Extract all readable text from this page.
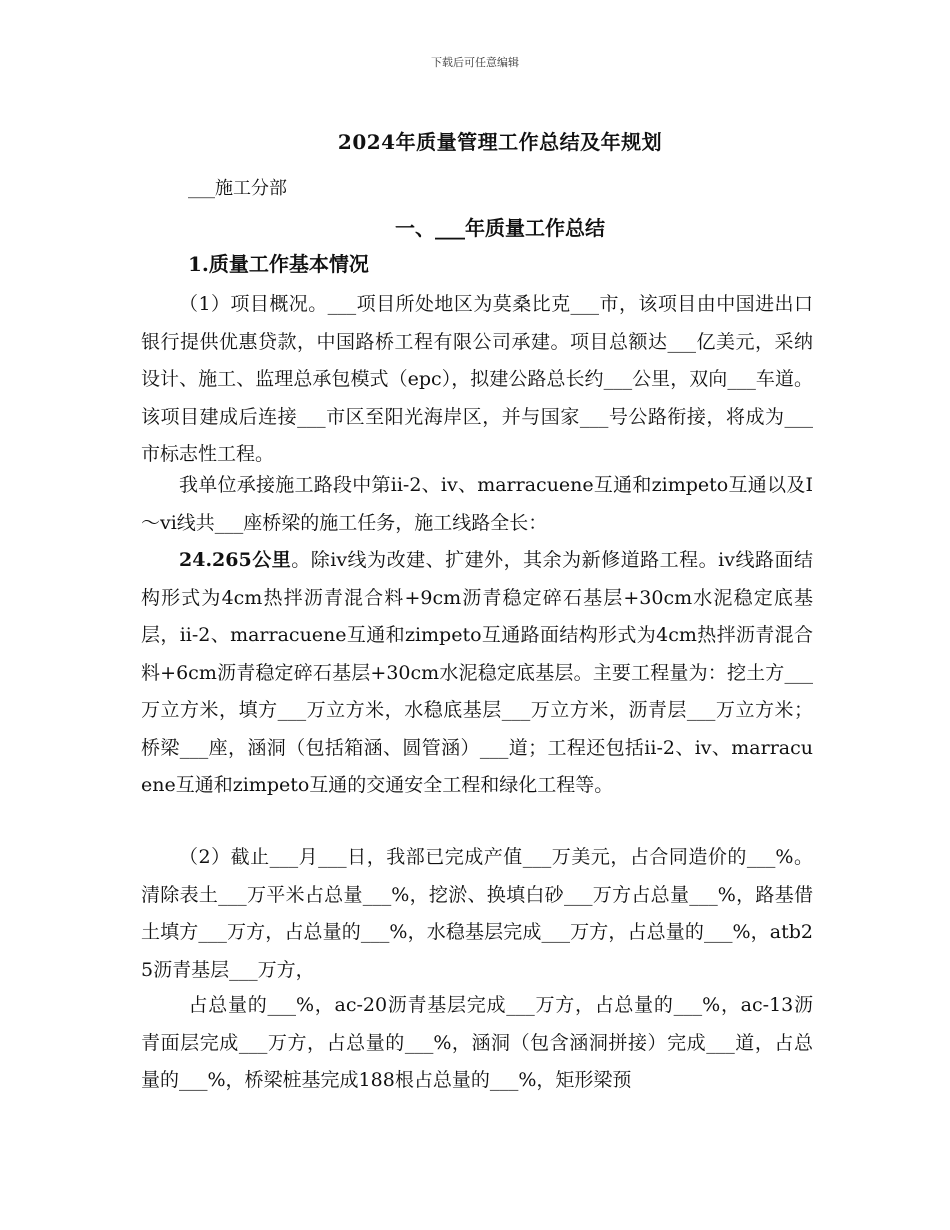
下载后可任意编辑
2024年质量管理工作总结及年规划
___施工分部
一、___年质量工作总结
1.质量工作基本情况

（1）项目概况。___项目所处地区为莫桑比克___市，该项目由中国进出口银行提供优惠贷款，中国路桥工程有限公司承建。项目总额达___亿美元，采纳设计、施工、监理总承包模式（epc），拟建公路总长约___公里，双向___车道。该项目建成后连接___市区至阳光海岸区，并与国家___号公路衔接，将成为___市标志性工程。

我单位承接施工路段中第ii-2、iv、marracuene互通和zimpeto互通以及Ⅰ～vi线共___座桥梁的施工任务，施工线路全长：

24.265公里。除iv线为改建、扩建外，其余为新修道路工程。iv线路面结构形式为4cm热拌沥青混合料+9cm沥青稳定碎石基层+30cm水泥稳定底基层，ii-2、marracuene互通和zimpeto互通路面结构形式为4cm热拌沥青混合料+6cm沥青稳定碎石基层+30cm水泥稳定底基层。主要工程量为：挖土方___万立方米，填方___万立方米，水稳底基层___万立方米，沥青层___万立方米；桥梁___座，涵洞（包括箱涵、圆管涵）___道；工程还包括ii-2、iv、marracuene互通和zimpeto互通的交通安全工程和绿化工程等。

（2）截止___月___日，我部已完成产值___万美元，占合同造价的___%。清除表土___万平米占总量___%，挖淤、换填白砂___万方占总量___%，路基借土填方___万方，占总量的___%，水稳基层完成___万方，占总量的___%，atb25沥青基层___万方，

占总量的___%，ac-20沥青基层完成___万方，占总量的___%，ac-13沥青面层完成___万方，占总量的___%，涵洞（包含涵洞拼接）完成___道，占总量的___%，桥梁桩基完成188根占总量的___%，矩形梁预
